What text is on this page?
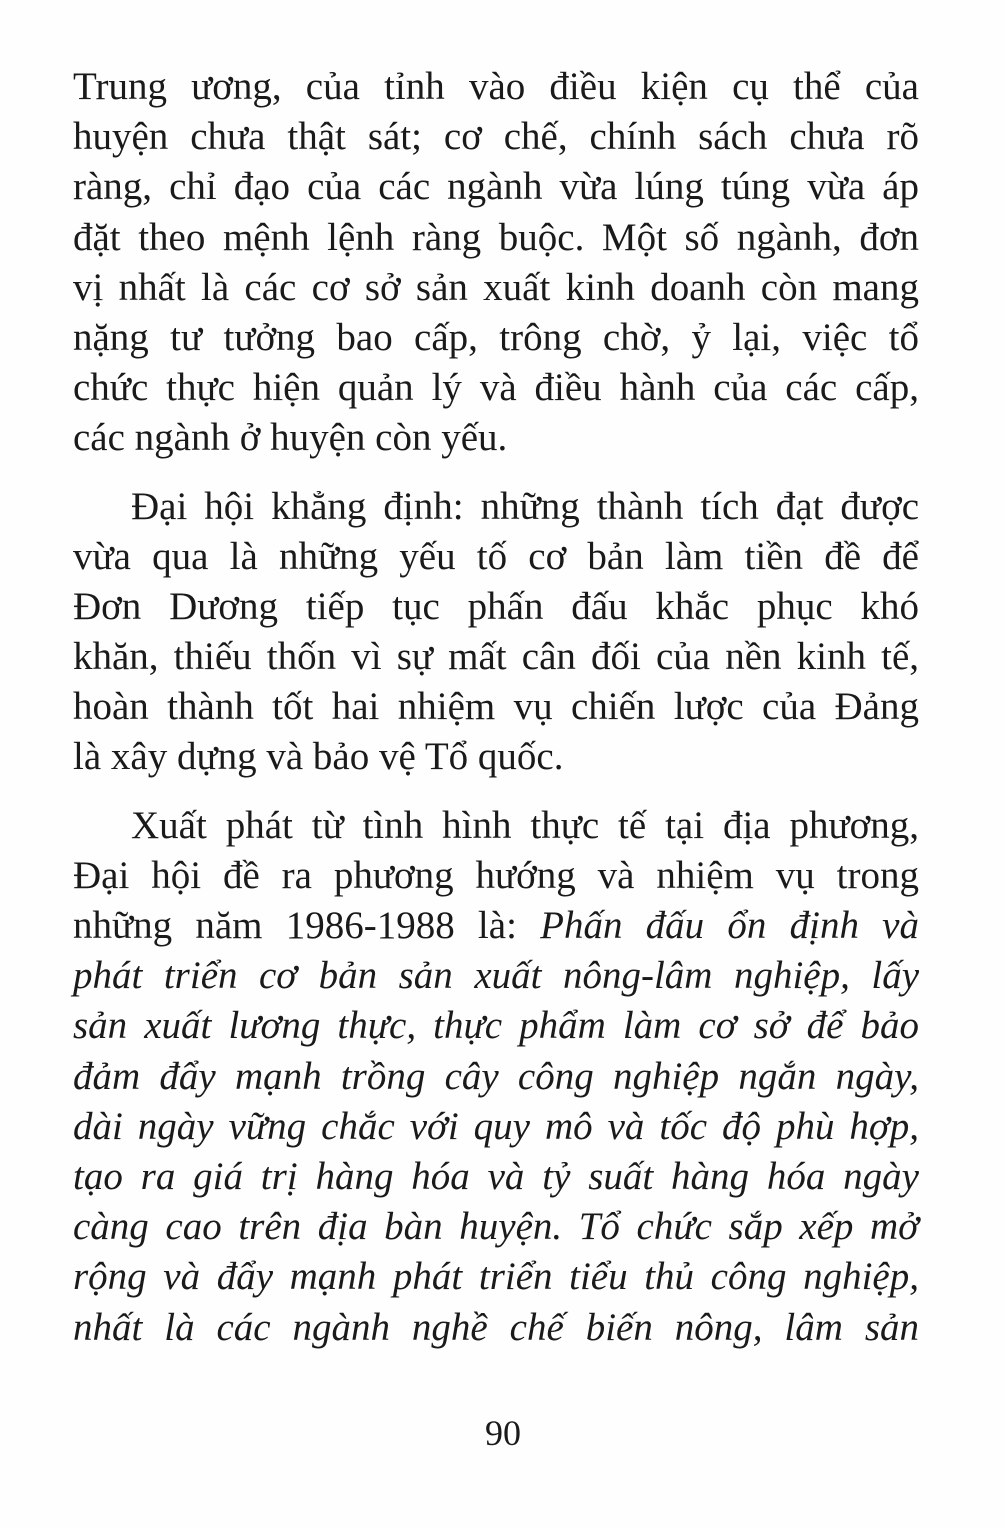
Trung ương, của tỉnh vào điều kiện cụ thể của
huyện chưa thật sát; cơ chế, chính sách chưa rõ
ràng, chỉ đạo của các ngành vừa lúng túng vừa áp
đặt theo mệnh lệnh ràng buộc. Một số ngành, đơn
vị nhất là các cơ sở sản xuất kinh doanh còn mang
nặng tư tưởng bao cấp, trông chờ, ỷ lại, việc tổ
chức thực hiện quản lý và điều hành của các cấp,
các ngành ở huyện còn yếu.
Đại hội khẳng định: những thành tích đạt được
vừa qua là những yếu tố cơ bản làm tiền đề để
Đơn Dương tiếp tục phấn đấu khắc phục khó
khăn, thiếu thốn vì sự mất cân đối của nền kinh tế,
hoàn thành tốt hai nhiệm vụ chiến lược của Đảng
là xây dựng và bảo vệ Tổ quốc.
Xuất phát từ tình hình thực tế tại địa phương,
Đại hội đề ra phương hướng và nhiệm vụ trong
những năm 1986-1988 là: Phấn đấu ổn định và
phát triển cơ bản sản xuất nông-lâm nghiệp, lấy
sản xuất lương thực, thực phẩm làm cơ sở để bảo
đảm đẩy mạnh trồng cây công nghiệp ngắn ngày,
dài ngày vững chắc với quy mô và tốc độ phù hợp,
tạo ra giá trị hàng hóa và tỷ suất hàng hóa ngày
càng cao trên địa bàn huyện. Tổ chức sắp xếp mở
rộng và đẩy mạnh phát triển tiểu thủ công nghiệp,
nhất là các ngành nghề chế biến nông, lâm sản
90
